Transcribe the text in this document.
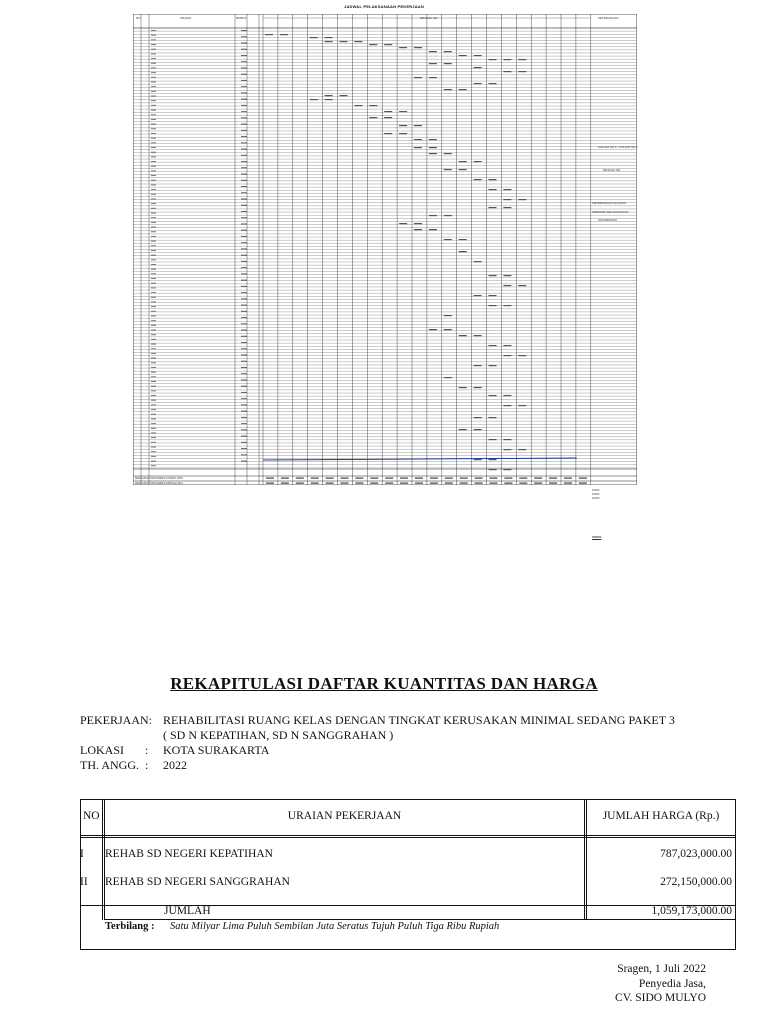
JADWAL PELAKSANAAN PEKERJAAN
NO	URAIAN	BOBOT	MINGGU KE	KETERANGAN
KOLOM NO.1 / KOLOM NO.2
MINGGU KE
KETERANGAN KHUSUS
PERIODE PELAKSANAAN
KOORDINASI
RENCANA PROGRES KOMULATIF
RENCANA PROGRES MINGGUAN
100%
100%
100%
1000%
REKAPITULASI DAFTAR KUANTITAS DAN HARGA
PEKERJAAN: REHABILITASI RUANG KELAS DENGAN TINGKAT KERUSAKAN MINIMAL SEDANG PAKET 3
( SD N KEPATIHAN, SD N SANGGRAHAN )
LOKASI	: KOTA SURAKARTA
TH. ANGG. : 2022
NO	URAIAN PEKERJAAN	JUMLAH HARGA (Rp.)
I REHAB SD NEGERI KEPATIHAN	787,023,000.00
II REHAB SD NEGERI SANGGRAHAN	272,150,000.00
JUMLAH	1,059,173,000.00
Terbilang : Satu Milyar Lima Puluh Sembilan Juta Seratus Tujuh Puluh Tiga Ribu Rupiah
Sragen, 1 Juli 2022
Penyedia Jasa,
CV. SIDO MULYO
